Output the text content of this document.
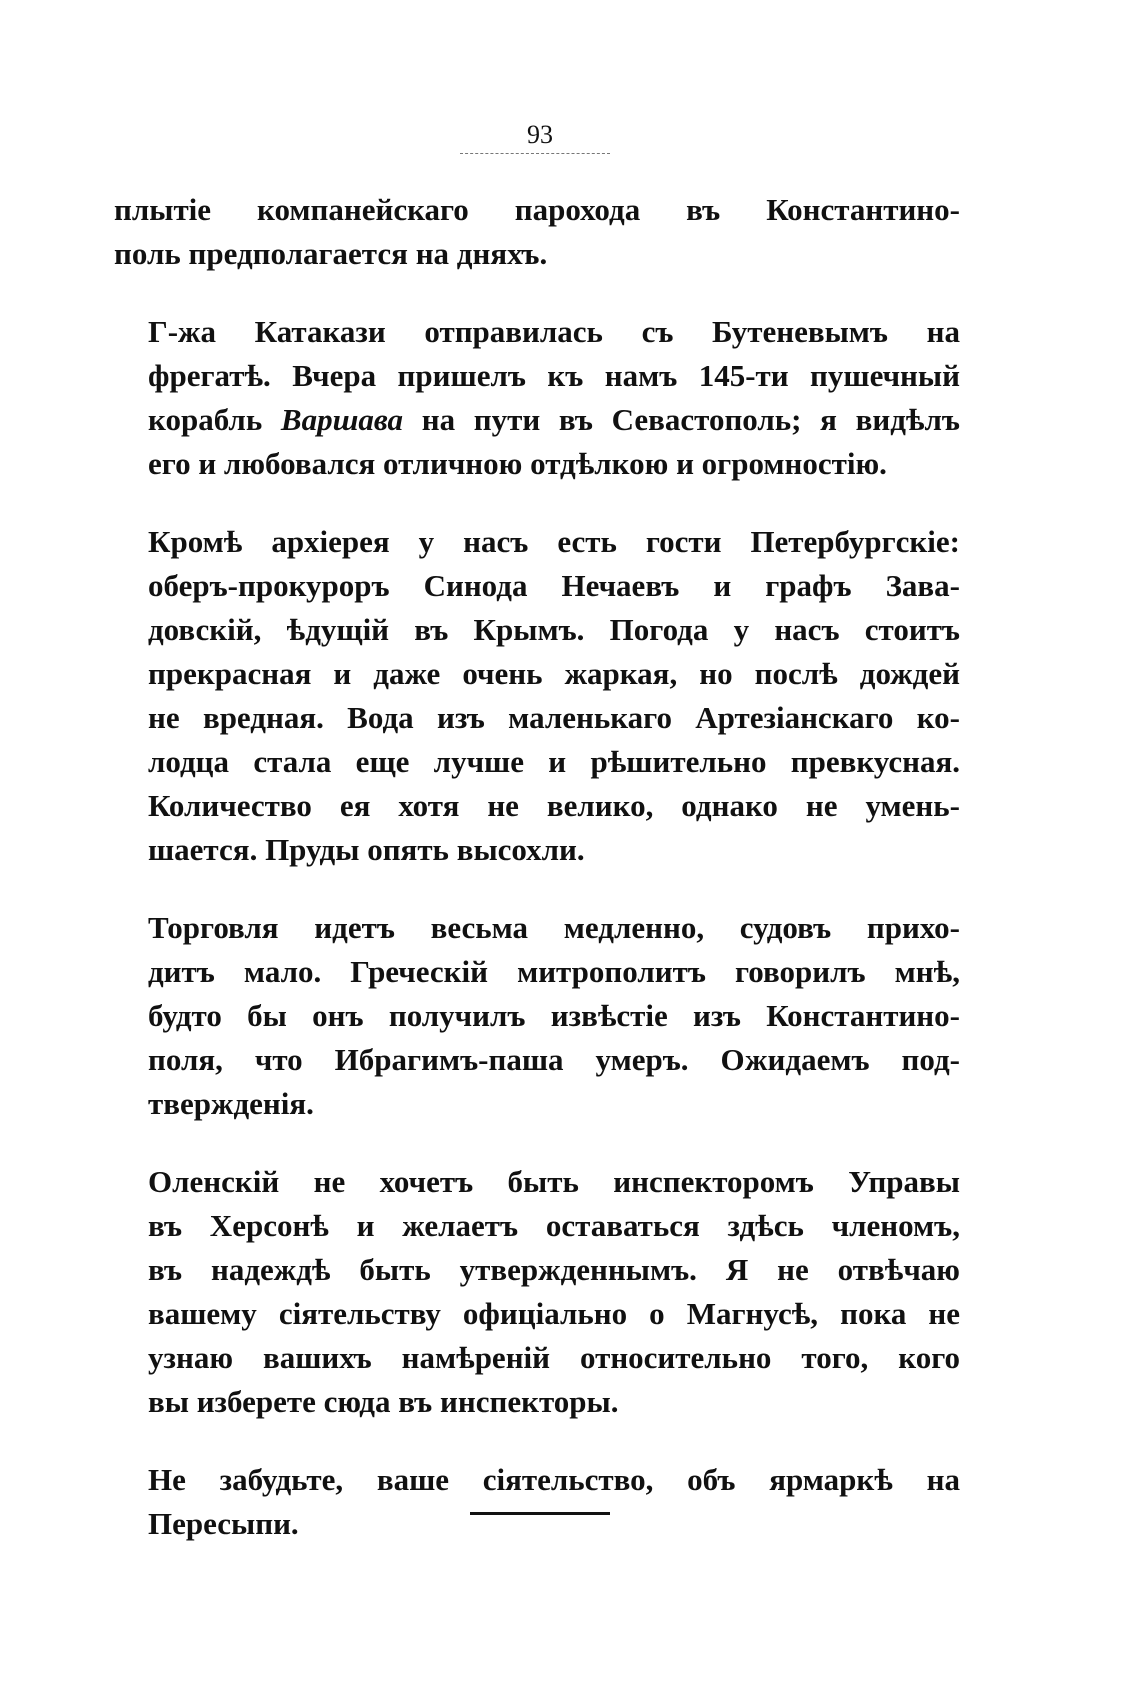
93
плытіе компанейскаго парохода въ Константино-
поль предполагается на дняхъ.
Г-жа Катакази отправилась съ Бутеневымъ на
фрегатѣ. Вчера пришелъ къ намъ 145-ти пушечный
корабль Варшава на пути въ Севастополь; я видѣлъ
его и любовался отличною отдѣлкою и огромностію.
Кромѣ архіерея у насъ есть гости Петербургскіе:
оберъ-прокуроръ Синода Нечаевъ и графъ Зава-
довскій, ѣдущій въ Крымъ. Погода у насъ стоитъ
прекрасная и даже очень жаркая, но послѣ дождей
не вредная. Вода изъ маленькаго Артезіанскаго ко-
лодца стала еще лучше и рѣшительно превкусная.
Количество ея хотя не велико, однако не умень-
шается. Пруды опять высохли.
Торговля идетъ весьма медленно, судовъ прихо-
дитъ мало. Греческій митрополитъ говорилъ мнѣ,
будто бы онъ получилъ извѣстіе изъ Константино-
поля, что Ибрагимъ-паша умеръ. Ожидаемъ под-
твержденія.
Оленскій не хочетъ быть инспекторомъ Управы
въ Херсонѣ и желаетъ оставаться здѣсь членомъ,
въ надеждѣ быть утвержденнымъ. Я не отвѣчаю
вашему сіятельству офиціально о Магнусѣ, пока не
узнаю вашихъ намѣреній относительно того, кого
вы изберете сюда въ инспекторы.
Не забудьте, ваше сіятельство, объ ярмаркѣ на
Пересыпи.
